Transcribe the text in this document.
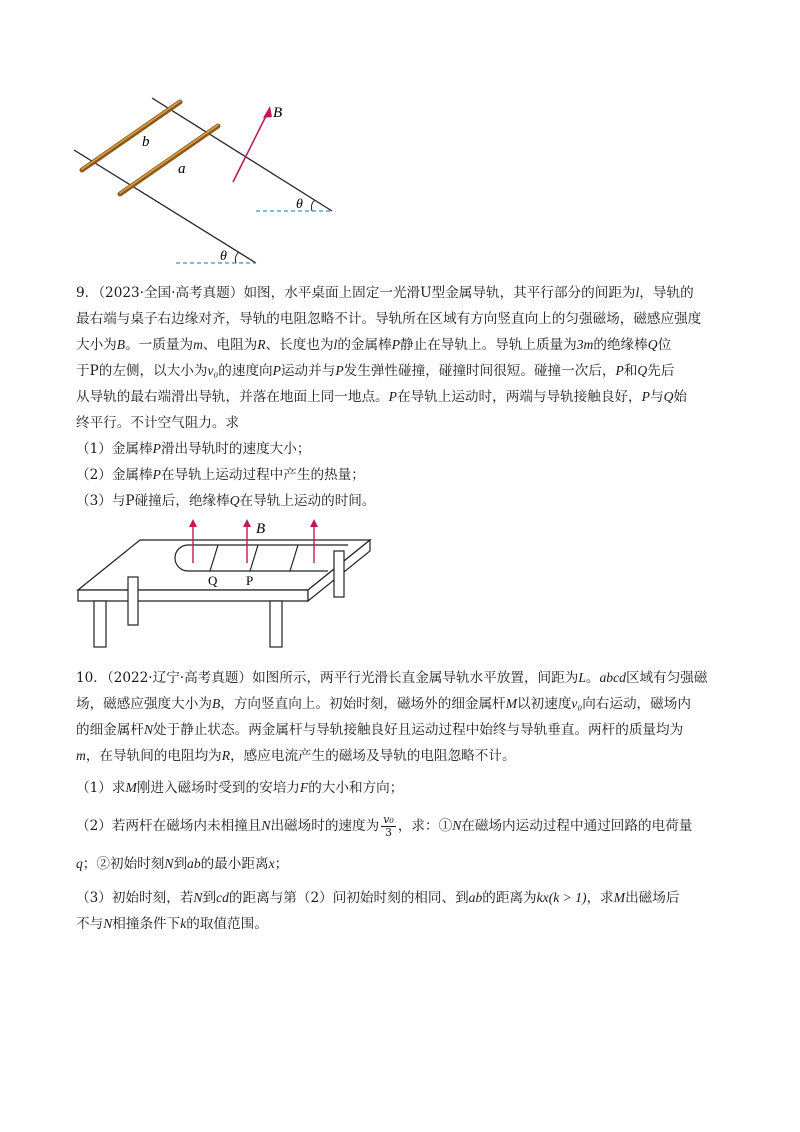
B
b
a
θ
θ
9．（2023·全国·高考真题）如图，水平桌面上固定一光滑U型金属导轨，其平行部分的间距为l，导轨的
最右端与桌子右边缘对齐，导轨的电阻忽略不计。导轨所在区域有方向竖直向上的匀强磁场，磁感应强度
大小为B。一质量为m、电阻为R、长度也为l的金属棒P静止在导轨上。导轨上质量为3m的绝缘棒Q位
于P的左侧，以大小为v₀的速度向P运动并与P发生弹性碰撞，碰撞时间很短。碰撞一次后，P和Q先后
从导轨的最右端滑出导轨，并落在地面上同一地点。P在导轨上运动时，两端与导轨接触良好，P与Q始
终平行。不计空气阻力。求
（1）金属棒P滑出导轨时的速度大小；
（2）金属棒P在导轨上运动过程中产生的热量；
（3）与P碰撞后，绝缘棒Q在导轨上运动的时间。
B
Q P
10．（2022·辽宁·高考真题）如图所示，两平行光滑长直金属导轨水平放置，间距为L。abcd区域有匀强磁
场，磁感应强度大小为B，方向竖直向上。初始时刻，磁场外的细金属杆M以初速度v₀向右运动，磁场内
的细金属杆N处于静止状态。两金属杆与导轨接触良好且运动过程中始终与导轨垂直。两杆的质量均为
m，在导轨间的电阻均为R，感应电流产生的磁场及导轨的电阻忽略不计。
（1）求M刚进入磁场时受到的安培力F的大小和方向；
（2）若两杆在磁场内未相撞且N出磁场时的速度为 $\frac{\text{v₀}}{3}$ ，求：①N在磁场内运动过程中通过回路的电荷量
q；②初始时刻N到ab的最小距离x；
（3）初始时刻，若N到cd的距离与第（2）问初始时刻的相同、到ab的距离为kx(k > 1)，求M出磁场后
不与N相撞条件下k的取值范围。
